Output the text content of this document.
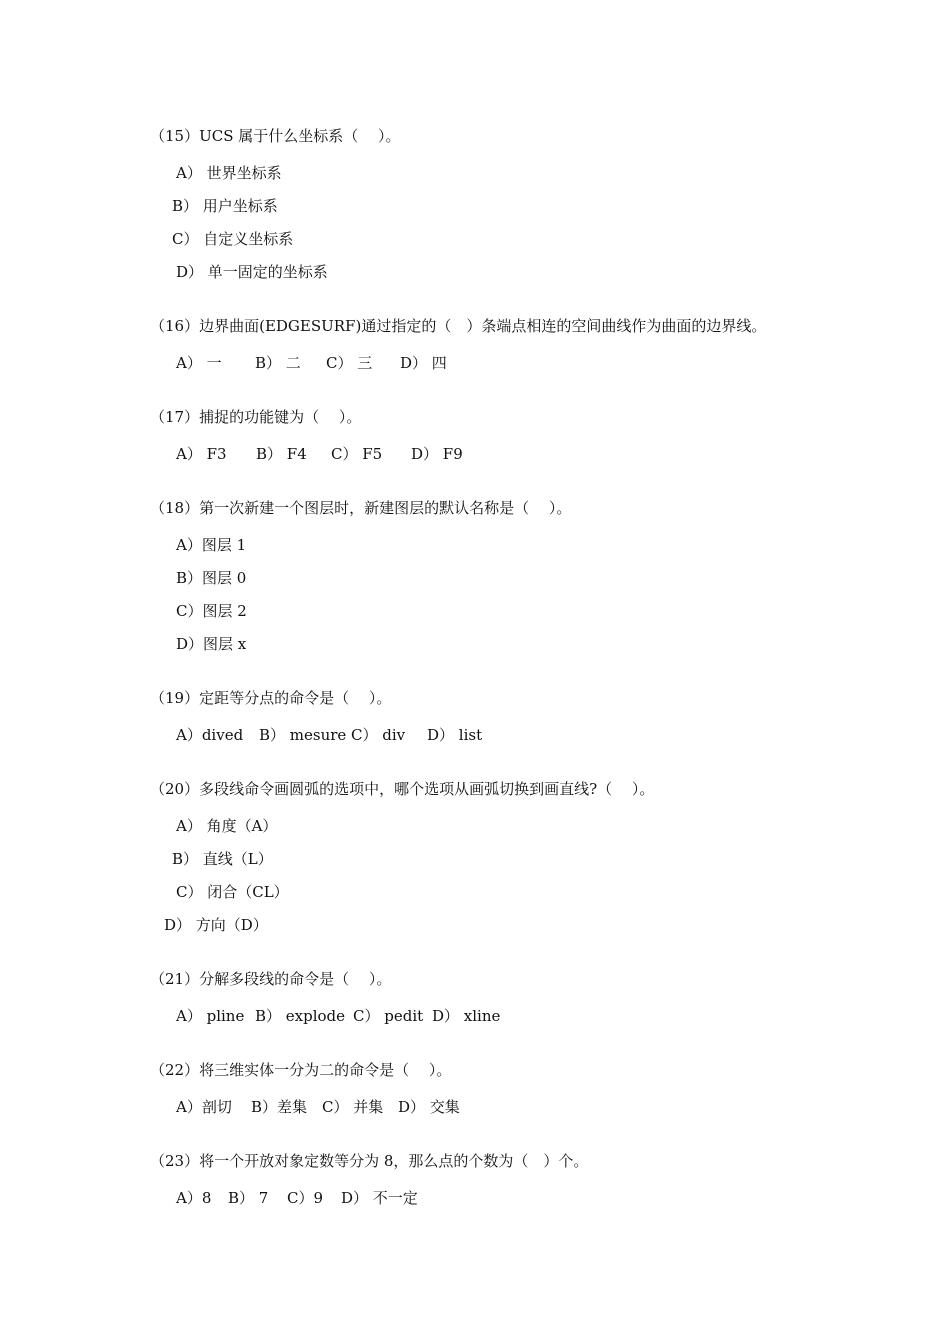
（15）UCS 属于什么坐标系（　 ）。
A） 世界坐标系
B） 用户坐标系
C） 自定义坐标系
D） 单一固定的坐标系
（16）边界曲面(EDGESURF)通过指定的（　）条端点相连的空间曲线作为曲面的边界线。
A） 一 B） 二 C） 三 D） 四
（17）捕捉的功能键为（　 ）。
A） F3 B） F4 C） F5 D） F9
（18）第一次新建一个图层时，新建图层的默认名称是（　 ）。
A）图层 1
B）图层 0
C）图层 2
D）图层 x
（19）定距等分点的命令是（　 ）。
A）dived B） mesure C） div D） list
（20）多段线命令画圆弧的选项中，哪个选项从画弧切换到画直线?（　 ）。
A） 角度（A）
B） 直线（L）
C） 闭合（CL）
D） 方向（D）
（21）分解多段线的命令是（　 ）。
A） pline B） explode C） pedit D） xline
（22）将三维实体一分为二的命令是（　 ）。
A）剖切 B）差集 C） 并集 D） 交集
（23）将一个开放对象定数等分为 8，那么点的个数为（　）个。
A）8 B） 7 C）9 D） 不一定
